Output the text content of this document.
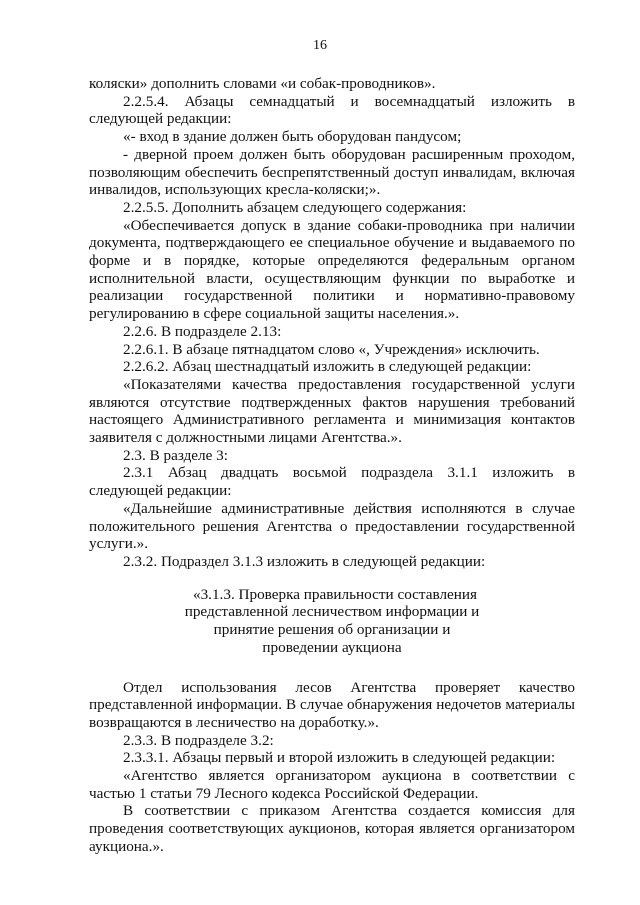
16

коляски» дополнить словами «и собак-проводников».

2.2.5.4. Абзацы семнадцатый и восемнадцатый изложить в следующей редакции:

«- вход в здание должен быть оборудован пандусом;

- дверной проем должен быть оборудован расширенным проходом, позволяющим обеспечить беспрепятственный доступ инвалидам, включая инвалидов, использующих кресла-коляски;».

2.2.5.5. Дополнить абзацем следующего содержания:

«Обеспечивается допуск в здание собаки-проводника при наличии документа, подтверждающего ее специальное обучение и выдаваемого по форме и в порядке, которые определяются федеральным органом исполнительной власти, осуществляющим функции по выработке и реализации государственной политики и нормативно-правовому регулированию в сфере социальной защиты населения.».

2.2.6. В подразделе 2.13:

2.2.6.1. В абзаце пятнадцатом слово «, Учреждения» исключить.

2.2.6.2. Абзац шестнадцатый изложить в следующей редакции:

«Показателями качества предоставления государственной услуги являются отсутствие подтвержденных фактов нарушения требований настоящего Административного регламента и минимизация контактов заявителя с должностными лицами Агентства.».

2.3. В разделе 3:

2.3.1 Абзац двадцать восьмой подраздела 3.1.1 изложить в следующей редакции:

«Дальнейшие административные действия исполняются в случае положительного решения Агентства о предоставлении государственной услуги.».

2.3.2. Подраздел 3.1.3 изложить в следующей редакции:

«3.1.3. Проверка правильности составления
представленной лесничеством информации и
принятие решения об организации и
проведении аукциона

Отдел использования лесов Агентства проверяет качество представленной информации. В случае обнаружения недочетов материалы возвращаются в лесничество на доработку.».

2.3.3. В подразделе 3.2:

2.3.3.1. Абзацы первый и второй изложить в следующей редакции:

«Агентство является организатором аукциона в соответствии с частью 1 статьи 79 Лесного кодекса Российской Федерации.

В соответствии с приказом Агентства создается комиссия для проведения соответствующих аукционов, которая является организатором аукциона.».
